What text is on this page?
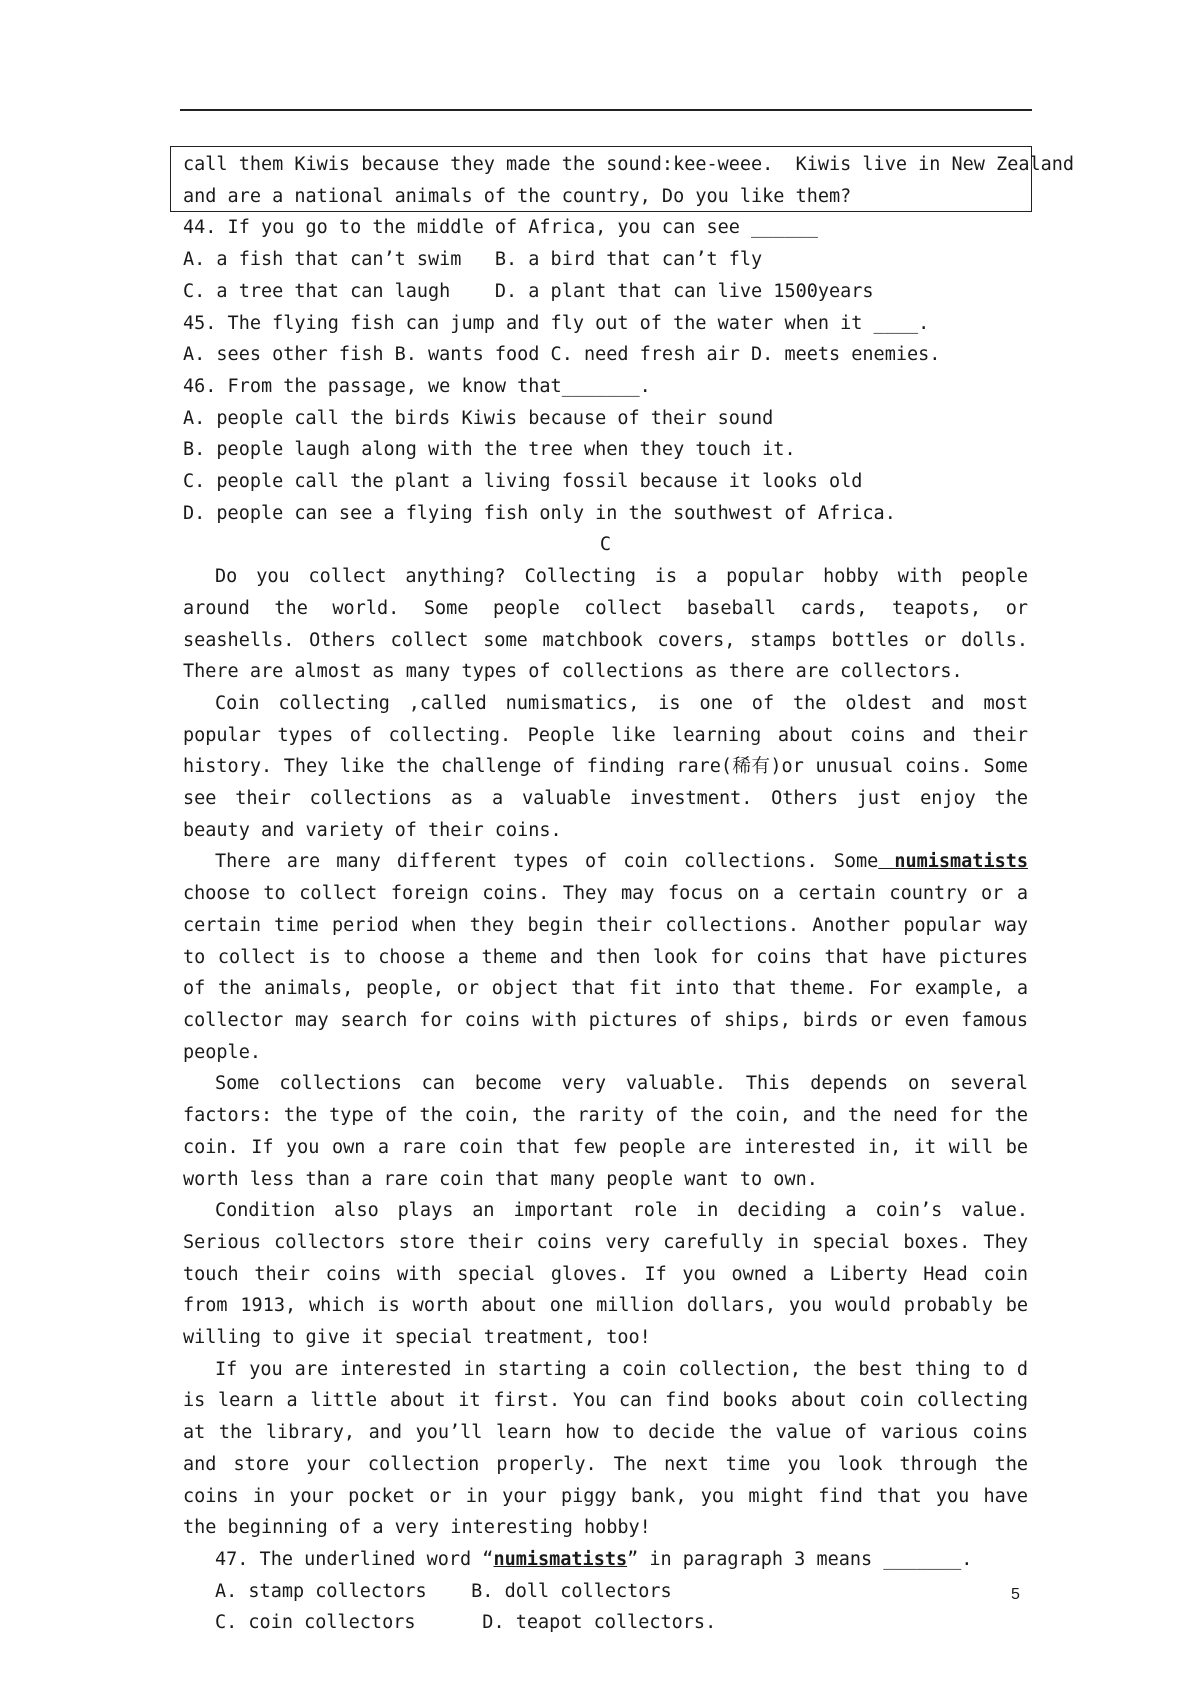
call them Kiwis because they made the sound:kee-weee.  Kiwis live in New Zealand
and are a national animals of the country, Do you like them?
44. If you go to the middle of Africa, you can see ______
A. a fish that can’t swim   B. a bird that can’t fly
C. a tree that can laugh    D. a plant that can live 1500years
45. The flying fish can jump and fly out of the water when it ____.
A. sees other fish B. wants food C. need fresh air D. meets enemies.
46. From the passage, we know that_______.
A. people call the birds Kiwis because of their sound
B. people laugh along with the tree when they touch it.
C. people call the plant a living fossil because it looks old
D. people can see a flying fish only in the southwest of Africa.
C
Do you collect anything? Collecting is a popular hobby with people around the world. Some people collect baseball cards, teapots, or seashells. Others collect some matchbook covers, stamps bottles or dolls. There are almost as many types of collections as there are collectors.
Coin collecting ,called numismatics, is one of the oldest and most popular types of collecting. People like learning about coins and their history. They like the challenge of finding rare(稀有)or unusual coins. Some see their collections as a valuable investment. Others just enjoy the beauty and variety of their coins.
There are many different types of coin collections. Some numismatists choose to collect foreign coins. They may focus on a certain country or a certain time period when they begin their collections. Another popular way to collect is to choose a theme and then look for coins that have pictures of the animals, people, or object that fit into that theme. For example, a collector may search for coins with pictures of ships, birds or even famous people.
Some collections can become very valuable. This depends on several factors: the type of the coin, the rarity of the coin, and the need for the coin. If you own a rare coin that few people are interested in, it will be worth less than a rare coin that many people want to own.
Condition also plays an important role in deciding a coin’s value. Serious collectors store their coins very carefully in special boxes. They touch their coins with special gloves. If you owned a Liberty Head coin from 1913, which is worth about one million dollars, you would probably be willing to give it special treatment, too!
If you are interested in starting a coin collection, the best thing to d is learn a little about it first. You can find books about coin collecting at the library, and you’ll learn how to decide the value of various coins and store your collection properly. The next time you look through the coins in your pocket or in your piggy bank, you might find that you have the beginning of a very interesting hobby!
47. The underlined word “numismatists” in paragraph 3 means _______.
A. stamp collectors    B. doll collectors
C. coin collectors      D. teapot collectors.
5
